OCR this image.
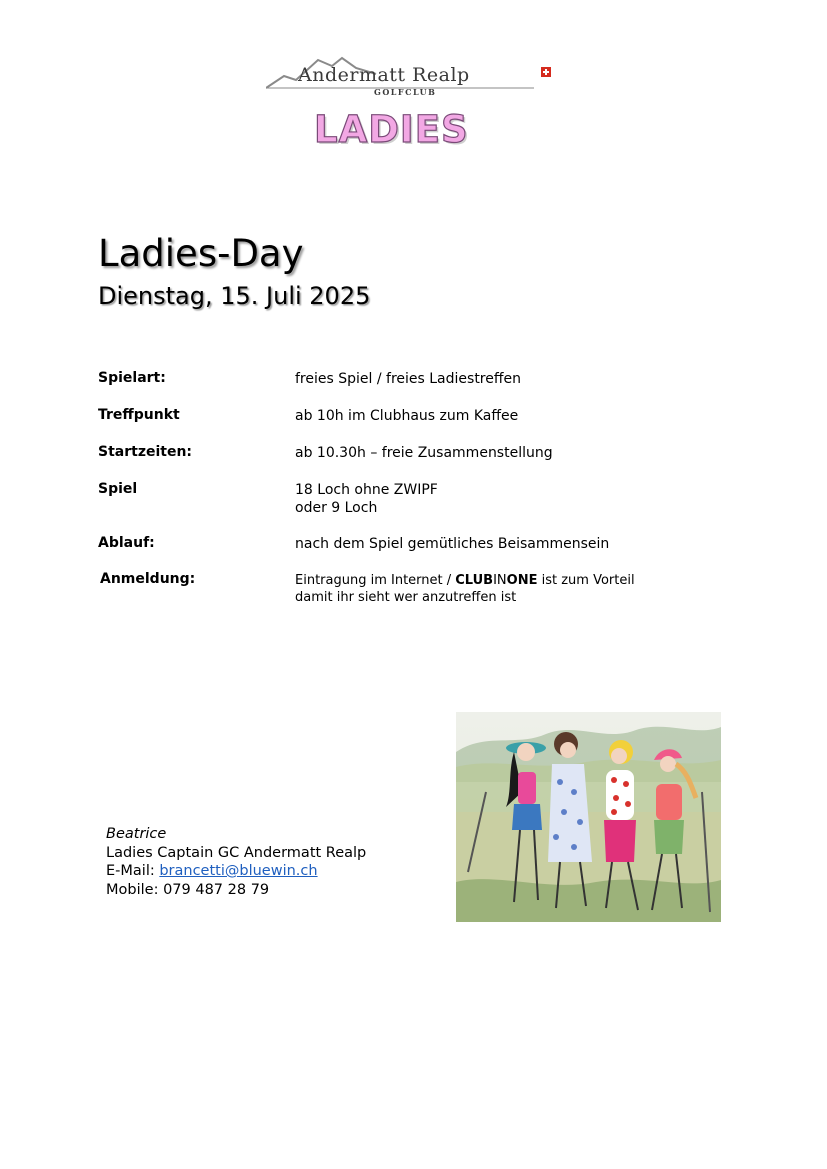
Andermatt Realp
GOLFCLUB
LADIES
Ladies-Day
Dienstag, 15. Juli 2025
Spielart:	freies Spiel / freies Ladiestreffen
Treffpunkt	ab 10h im Clubhaus zum Kaffee
Startzeiten:	ab 10.30h – freie Zusammenstellung
Spiel	18 Loch ohne ZWIPF
oder 9 Loch
Ablauf:	nach dem Spiel gemütliches Beisammensein
Anmeldung:	Eintragung im Internet / CLUBINONE ist zum Vorteil
damit ihr sieht wer anzutreffen ist
Beatrice
Ladies Captain GC Andermatt Realp
E-Mail: brancetti@bluewin.ch
Mobile: 079 487 28 79
